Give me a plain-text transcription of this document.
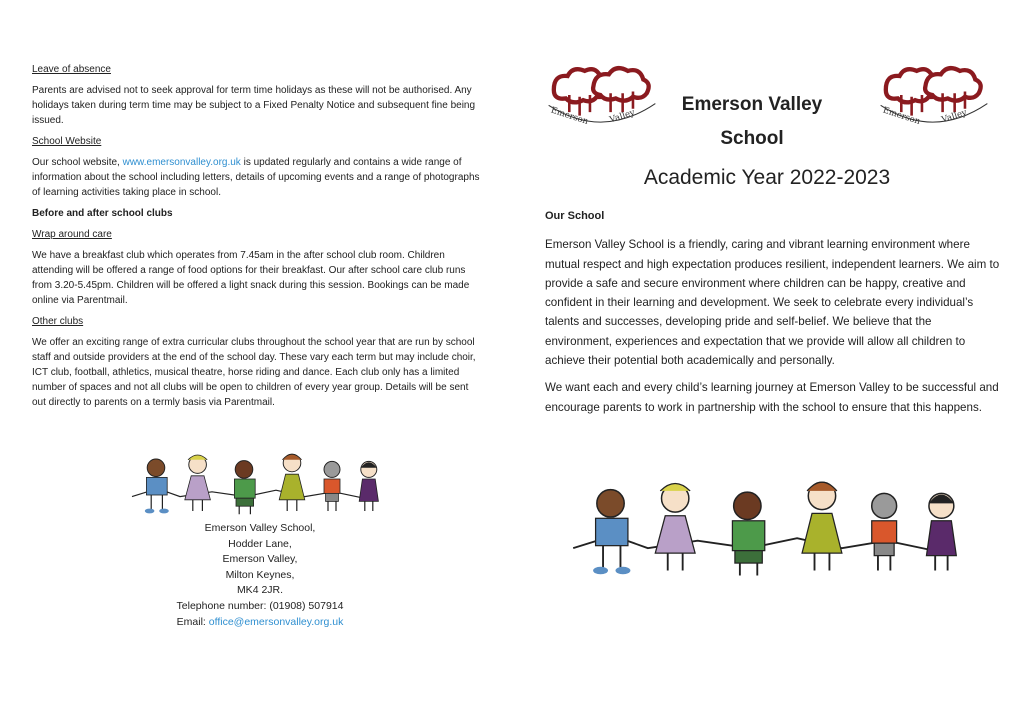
Leave of absence

Parents are advised not to seek approval for term time holidays as these will not be authorised. Any holidays taken during term time may be subject to a Fixed Penalty Notice and subsequent fine being issued.

School Website

Our school website, www.emersonvalley.org.uk is updated regularly and contains a wide range of information about the school including letters, details of upcoming events and a range of photographs of learning activities taking place in school.

Before and after school clubs

Wrap around care

We have a breakfast club which operates from 7.45am in the after school club room. Children attending will be offered a range of food options for their breakfast. Our after school care club runs from 3.20-5.45pm. Children will be offered a light snack during this session. Bookings can be made online via Parentmail.

Other clubs

We offer an exciting range of extra curricular clubs throughout the school year that are run by school staff and outside providers at the end of the school day. These vary each term but may include choir, ICT club, football, athletics, musical theatre, horse riding and dance. Each club only has a limited number of spaces and not all clubs will be open to children of every year group. Details will be sent out directly to parents on a termly basis via Parentmail.

Emerson Valley School,
Hodder Lane,
Emerson Valley,
Milton Keynes,
MK4 2JR.
Telephone number: (01908) 507914
Email: office@emersonvalley.org.uk
Emerson Valley
School
Academic Year 2022-2023

Our School

Emerson Valley School is a friendly, caring and vibrant learning environment where mutual respect and high expectation produces resilient, independent learners. We aim to provide a safe and secure environment where children can be happy, creative and confident in their learning and development. We seek to celebrate every individual’s talents and successes, developing pride and self-belief. We believe that the environment, experiences and expectation that we provide will allow all children to achieve their potential both academically and personally.

We want each and every child’s learning journey at Emerson Valley to be successful and encourage parents to work in partnership with the school to ensure that this happens.
